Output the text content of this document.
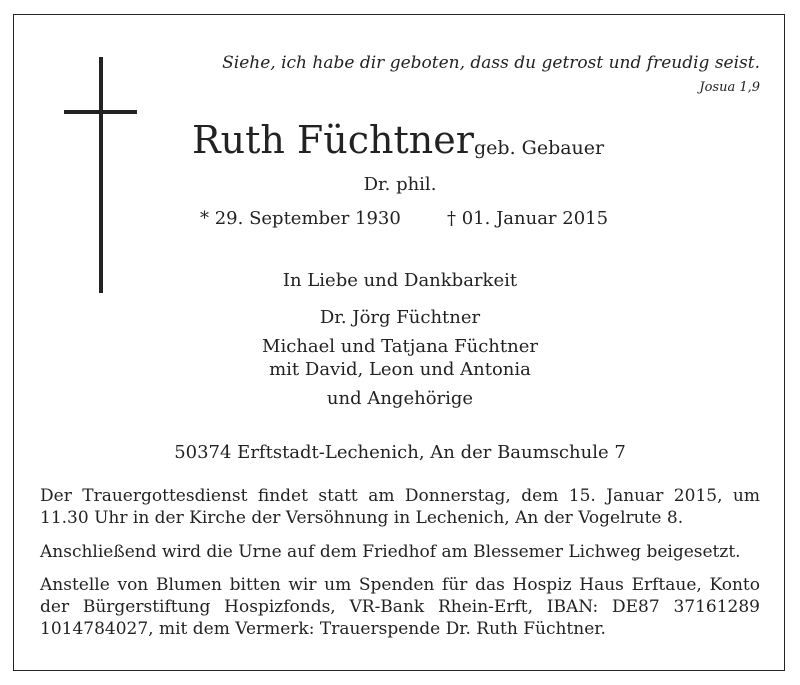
Siehe, ich habe dir geboten, dass du getrost und freudig seist.
Josua 1,9
Ruth Füchtner geb. Gebauer
Dr. phil.
* 29. September 1930	† 01. Januar 2015
In Liebe und Dankbarkeit
Dr. Jörg Füchtner
Michael und Tatjana Füchtner
mit David, Leon und Antonia
und Angehörige
50374 Erftstadt-Lechenich, An der Baumschule 7
Der Trauergottesdienst findet statt am Donnerstag, dem 15. Januar 2015, um 11.30 Uhr in der Kirche der Versöhnung in Lechenich, An der Vogelrute 8.
Anschließend wird die Urne auf dem Friedhof am Blessemer Lichweg beigesetzt.
Anstelle von Blumen bitten wir um Spenden für das Hospiz Haus Erftaue, Konto der Bürgerstiftung Hospizfonds, VR-Bank Rhein-Erft, IBAN: DE87 37161289 1014784027, mit dem Vermerk: Trauerspende Dr. Ruth Füchtner.
